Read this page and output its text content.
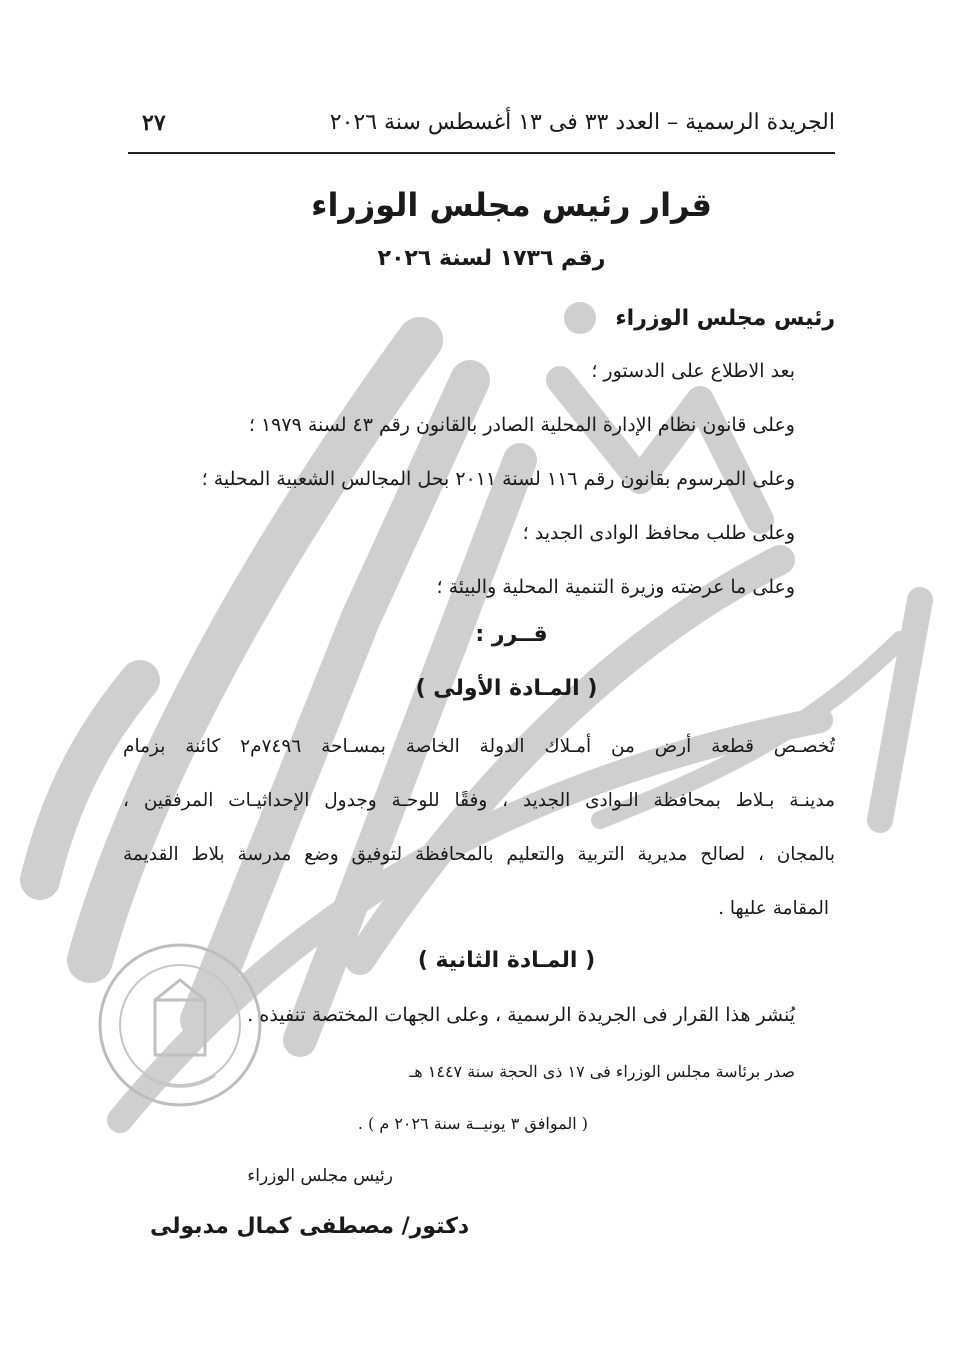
الجريدة الرسمية – العدد ٣٣ فى ١٣ أغسطس سنة ٢٠٢٦
٢٧
قرار رئيس مجلس الوزراء
رقم ١٧٣٦ لسنة ٢٠٢٦
رئيس مجلس الوزراء
بعد الاطلاع على الدستور ؛
وعلى قانون نظام الإدارة المحلية الصادر بالقانون رقم ٤٣ لسنة ١٩٧٩ ؛
وعلى المرسوم بقانون رقم ١١٦ لسنة ٢٠١١ بحل المجالس الشعبية المحلية ؛
وعلى طلب محافظ الوادى الجديد ؛
وعلى ما عرضته وزيرة التنمية المحلية والبيئة ؛
قــرر :
( المـادة الأولى )
تُخصـص قطعة أرض من أمـلاك الدولة الخاصة بمسـاحة ٧٤٩٦م٢ كائنة بزمام
مدينـة بـلاط بمحافظة الـوادى الجديد ، وفقًا للوحـة وجدول الإحداثيـات المرفقين ،
بالمجان ، لصالح مديرية التربية والتعليم بالمحافظة لتوفيق وضع مدرسة بلاط القديمة
المقامة عليها .
( المـادة الثانية )
يُنشر هذا القرار فى الجريدة الرسمية ، وعلى الجهات المختصة تنفيذه .
صدر برئاسة مجلس الوزراء فى ١٧ ذى الحجة سنة ١٤٤٧ هـ
( الموافق ٣ يونيــة سنة ٢٠٢٦ م ) .
رئيس مجلس الوزراء
دكتور/ مصطفى كمال مدبولى
